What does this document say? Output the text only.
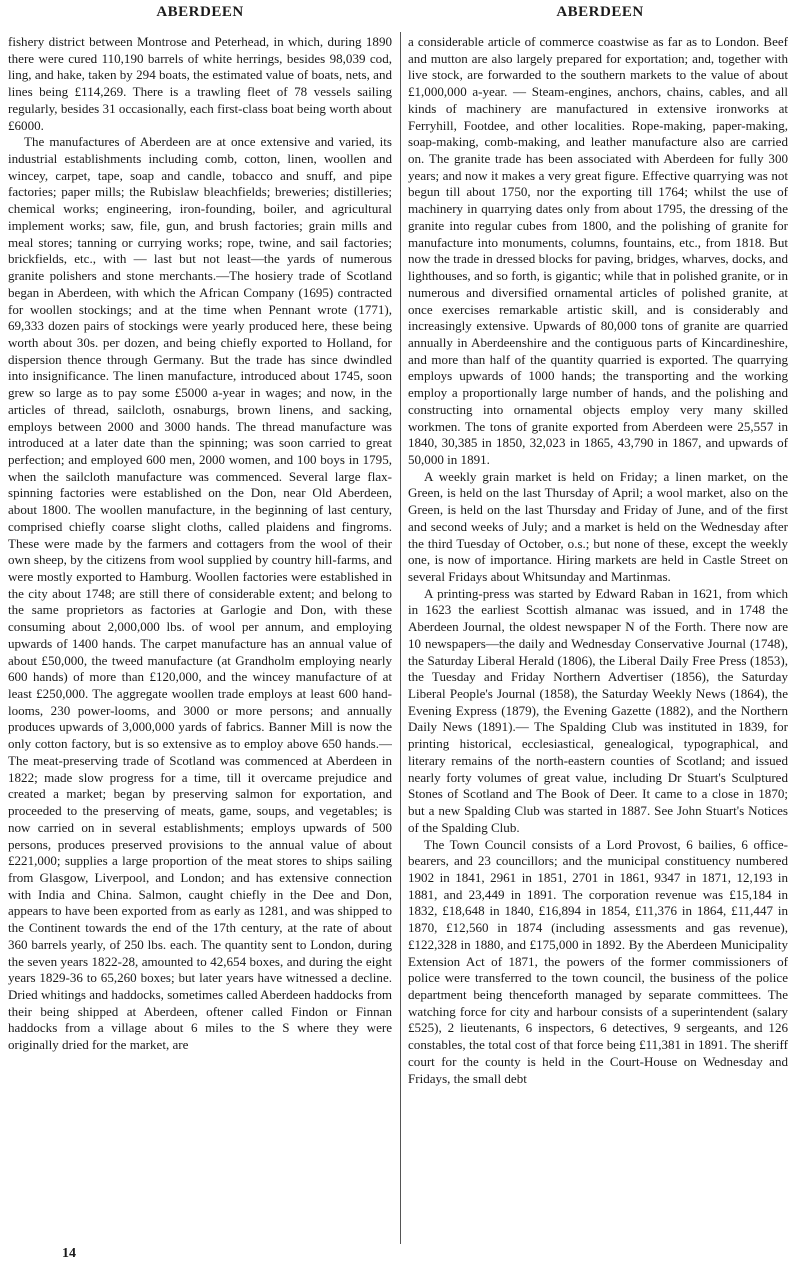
ABERDEEN	ABERDEEN

fishery district between Montrose and Peterhead, in which, during 1890 there were cured 110,190 barrels of white herrings, besides 98,039 cod, ling, and hake, taken by 294 boats, the estimated value of boats, nets, and lines being £114,269. There is a trawling fleet of 78 vessels sailing regularly, besides 31 occasionally, each first-class boat being worth about £6000.

The manufactures of Aberdeen are at once extensive and varied, its industrial establishments including comb, cotton, linen, woollen and wincey, carpet, tape, soap and candle, tobacco and snuff, and pipe factories; paper mills; the Rubislaw bleachfields; breweries; distilleries; chemical works; engineering, iron-founding, boiler, and agricultural implement works; saw, file, gun, and brush factories; grain mills and meal stores; tanning or currying works; rope, twine, and sail factories; brickfields, etc., with — last but not least—the yards of numerous granite polishers and stone merchants.—The hosiery trade of Scotland began in Aberdeen, with which the African Company (1695) contracted for woollen stockings; and at the time when Pennant wrote (1771), 69,333 dozen pairs of stockings were yearly produced here, these being worth about 30s. per dozen, and being chiefly exported to Holland, for dispersion thence through Germany. But the trade has since dwindled into insignificance. The linen manufacture, introduced about 1745, soon grew so large as to pay some £5000 a-year in wages; and now, in the articles of thread, sailcloth, osnaburgs, brown linens, and sacking, employs between 2000 and 3000 hands. The thread manufacture was introduced at a later date than the spinning; was soon carried to great perfection; and employed 600 men, 2000 women, and 100 boys in 1795, when the sailcloth manufacture was commenced. Several large flax-spinning factories were established on the Don, near Old Aberdeen, about 1800. The woollen manufacture, in the beginning of last century, comprised chiefly coarse slight cloths, called plaidens and fingroms. These were made by the farmers and cottagers from the wool of their own sheep, by the citizens from wool supplied by country hill-farms, and were mostly exported to Hamburg. Woollen factories were established in the city about 1748; are still there of considerable extent; and belong to the same proprietors as factories at Garlogie and Don, with these consuming about 2,000,000 lbs. of wool per annum, and employing upwards of 1400 hands. The carpet manufacture has an annual value of about £50,000, the tweed manufacture (at Grandholm employing nearly 600 hands) of more than £120,000, and the wincey manufacture of at least £250,000. The aggregate woollen trade employs at least 600 hand-looms, 230 power-looms, and 3000 or more persons; and annually produces upwards of 3,000,000 yards of fabrics. Banner Mill is now the only cotton factory, but is so extensive as to employ above 650 hands.—The meat-preserving trade of Scotland was commenced at Aberdeen in 1822; made slow progress for a time, till it overcame prejudice and created a market; began by preserving salmon for exportation, and proceeded to the preserving of meats, game, soups, and vegetables; is now carried on in several establishments; employs upwards of 500 persons, produces preserved provisions to the annual value of about £221,000; supplies a large proportion of the meat stores to ships sailing from Glasgow, Liverpool, and London; and has extensive connection with India and China. Salmon, caught chiefly in the Dee and Don, appears to have been exported from as early as 1281, and was shipped to the Continent towards the end of the 17th century, at the rate of about 360 barrels yearly, of 250 lbs. each. The quantity sent to London, during the seven years 1822-28, amounted to 42,654 boxes, and during the eight years 1829-36 to 65,260 boxes; but later years have witnessed a decline. Dried whitings and haddocks, sometimes called Aberdeen haddocks from their being shipped at Aberdeen, oftener called Findon or Finnan haddocks from a village about 6 miles to the S where they were originally dried for the market, are

a considerable article of commerce coastwise as far as to London. Beef and mutton are also largely prepared for exportation; and, together with live stock, are forwarded to the southern markets to the value of about £1,000,000 a-year. — Steam-engines, anchors, chains, cables, and all kinds of machinery are manufactured in extensive ironworks at Ferryhill, Footdee, and other localities. Rope-making, paper-making, soap-making, comb-making, and leather manufacture also are carried on. The granite trade has been associated with Aberdeen for fully 300 years; and now it makes a very great figure. Effective quarrying was not begun till about 1750, nor the exporting till 1764; whilst the use of machinery in quarrying dates only from about 1795, the dressing of the granite into regular cubes from 1800, and the polishing of granite for manufacture into monuments, columns, fountains, etc., from 1818. But now the trade in dressed blocks for paving, bridges, wharves, docks, and lighthouses, and so forth, is gigantic; while that in polished granite, or in numerous and diversified ornamental articles of polished granite, at once exercises remarkable artistic skill, and is considerably and increasingly extensive. Upwards of 80,000 tons of granite are quarried annually in Aberdeenshire and the contiguous parts of Kincardineshire, and more than half of the quantity quarried is exported. The quarrying employs upwards of 1000 hands; the transporting and the working employ a proportionally large number of hands, and the polishing and constructing into ornamental objects employ very many skilled workmen. The tons of granite exported from Aberdeen were 25,557 in 1840, 30,385 in 1850, 32,023 in 1865, 43,790 in 1867, and upwards of 50,000 in 1891.

A weekly grain market is held on Friday; a linen market, on the Green, is held on the last Thursday of April; a wool market, also on the Green, is held on the last Thursday and Friday of June, and of the first and second weeks of July; and a market is held on the Wednesday after the third Tuesday of October, o.s.; but none of these, except the weekly one, is now of importance. Hiring markets are held in Castle Street on several Fridays about Whitsunday and Martinmas.

A printing-press was started by Edward Raban in 1621, from which in 1623 the earliest Scottish almanac was issued, and in 1748 the Aberdeen Journal, the oldest newspaper N of the Forth. There now are 10 newspapers—the daily and Wednesday Conservative Journal (1748), the Saturday Liberal Herald (1806), the Liberal Daily Free Press (1853), the Tuesday and Friday Northern Advertiser (1856), the Saturday Liberal People's Journal (1858), the Saturday Weekly News (1864), the Evening Express (1879), the Evening Gazette (1882), and the Northern Daily News (1891).— The Spalding Club was instituted in 1839, for printing historical, ecclesiastical, genealogical, typographical, and literary remains of the north-eastern counties of Scotland; and issued nearly forty volumes of great value, including Dr Stuart's Sculptured Stones of Scotland and The Book of Deer. It came to a close in 1870; but a new Spalding Club was started in 1887. See John Stuart's Notices of the Spalding Club.

The Town Council consists of a Lord Provost, 6 bailies, 6 office-bearers, and 23 councillors; and the municipal constituency numbered 1902 in 1841, 2961 in 1851, 2701 in 1861, 9347 in 1871, 12,193 in 1881, and 23,449 in 1891. The corporation revenue was £15,184 in 1832, £18,648 in 1840, £16,894 in 1854, £11,376 in 1864, £11,447 in 1870, £12,560 in 1874 (including assessments and gas revenue), £122,328 in 1880, and £175,000 in 1892. By the Aberdeen Municipality Extension Act of 1871, the powers of the former commissioners of police were transferred to the town council, the business of the police department being thenceforth managed by separate committees. The watching force for city and harbour consists of a superintendent (salary £525), 2 lieutenants, 6 inspectors, 6 detectives, 9 sergeants, and 126 constables, the total cost of that force being £11,381 in 1891. The sheriff court for the county is held in the Court-House on Wednesday and Fridays, the small debt

14
